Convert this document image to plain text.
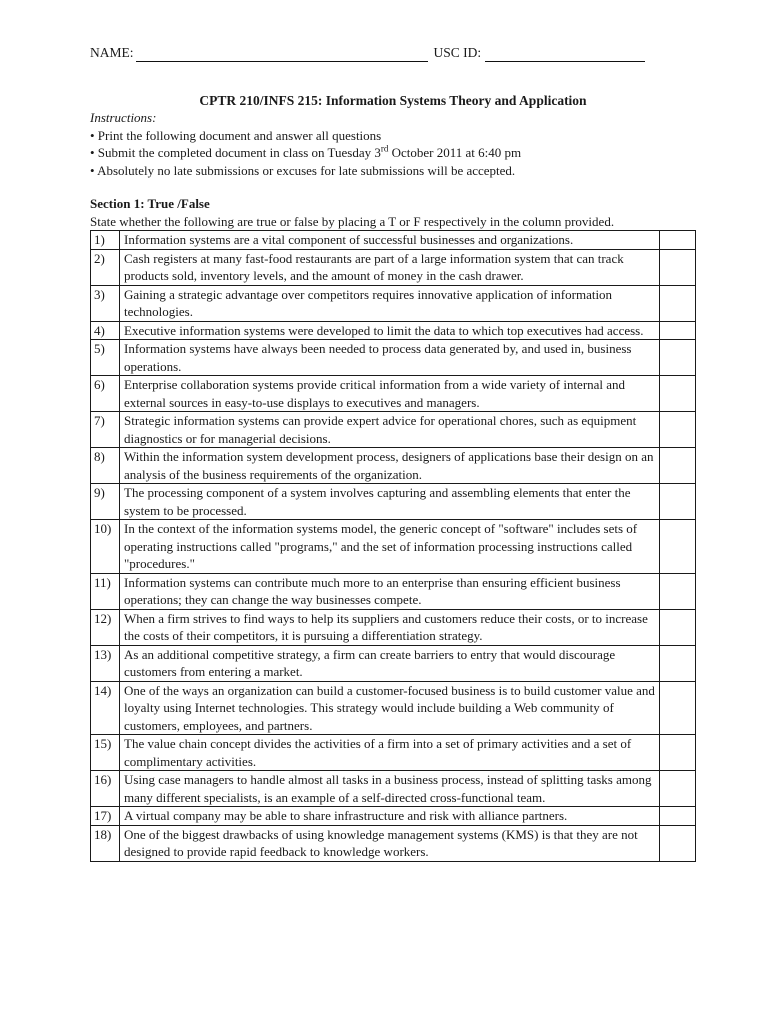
NAME:	USC ID:
CPTR 210/INFS 215: Information Systems Theory and Application
Instructions:
• Print the following document and answer all questions
• Submit the completed document in class on Tuesday 3rd October 2011 at 6:40 pm
• Absolutely no late submissions or excuses for late submissions will be accepted.
Section 1: True /False
State whether the following are true or false by placing a T or F respectively in the column provided.
1)	Information systems are a vital component of successful businesses and organizations.	
2)	Cash registers at many fast-food restaurants are part of a large information system that can track products sold, inventory levels, and the amount of money in the cash drawer.	
3)	Gaining a strategic advantage over competitors requires innovative application of information technologies.	
4)	Executive information systems were developed to limit the data to which top executives had access.	
5)	Information systems have always been needed to process data generated by, and used in, business operations.	
6)	Enterprise collaboration systems provide critical information from a wide variety of internal and external sources in easy-to-use displays to executives and managers.	
7)	Strategic information systems can provide expert advice for operational chores, such as equipment diagnostics or for managerial decisions.	
8)	Within the information system development process, designers of applications base their design on an analysis of the business requirements of the organization.	
9)	The processing component of a system involves capturing and assembling elements that enter the system to be processed.	
10)	In the context of the information systems model, the generic concept of "software" includes sets of operating instructions called "programs," and the set of information processing instructions called "procedures."	
11)	Information systems can contribute much more to an enterprise than ensuring efficient business operations; they can change the way businesses compete.	
12)	When a firm strives to find ways to help its suppliers and customers reduce their costs, or to increase the costs of their competitors, it is pursuing a differentiation strategy.	
13)	As an additional competitive strategy, a firm can create barriers to entry that would discourage customers from entering a market.	
14)	One of the ways an organization can build a customer-focused business is to build customer value and loyalty using Internet technologies. This strategy would include building a Web community of customers, employees, and partners.	
15)	The value chain concept divides the activities of a firm into a set of primary activities and a set of complimentary activities.	
16)	Using case managers to handle almost all tasks in a business process, instead of splitting tasks among many different specialists, is an example of a self-directed cross-functional team.	
17)	A virtual company may be able to share infrastructure and risk with alliance partners.	
18)	One of the biggest drawbacks of using knowledge management systems (KMS) is that they are not designed to provide rapid feedback to knowledge workers.	
